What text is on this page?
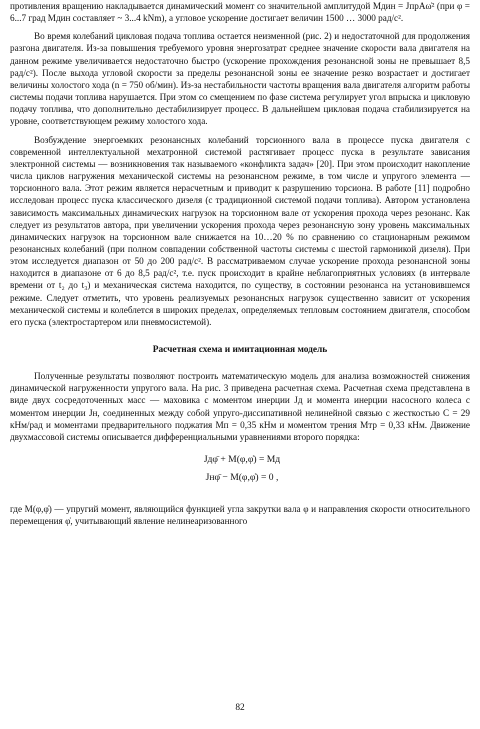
противления вращению накладывается динамический момент со значительной амплитудой Mдин = JпрAω̇² (при φ = 6...7 град Mдин составляет ~ 3...4 kNm), а угловое ускорение достигает величин 1500 … 3000 рад/с².

Во время колебаний цикловая подача топлива остается неизменной (рис. 2) и недостаточной для продолжения разгона двигателя. Из-за повышения требуемого уровня энергозатрат среднее значение скорости вала двигателя на данном режиме увеличивается недостаточно быстро (ускорение прохождения резонансной зоны не превышает 8,5 рад/с²). После выхода угловой скорости за пределы резонансной зоны ее значение резко возрастает и достигает величины холостого хода (n = 750 об/мин). Из-за нестабильности частоты вращения вала двигателя алгоритм работы системы подачи топлива нарушается. При этом со смещением по фазе система регулирует угол впрыска и цикловую подачу топлива, что дополнительно дестабилизирует процесс. В дальнейшем цикловая подача стабилизируется на уровне, соответствующем режиму холостого хода.

Возбуждение энергоемких резонансных колебаний торсионного вала в процессе пуска двигателя с современной интеллектуальной мехатронной системой растягивает процесс пуска в результате зависания электронной системы — возникновения так называемого «конфликта задач» [20]. При этом происходит накопление числа циклов нагружения механической системы на резонансном режиме, в том числе и упругого элемента — торсионного вала. Этот режим является нерасчетным и приводит к разрушению торсиона. В работе [11] подробно исследован процесс пуска классического дизеля (с традиционной системой подачи топлива). Автором установлена зависимость максимальных динамических нагрузок на торсионном вале от ускорения прохода через резонанс. Как следует из результатов автора, при увеличении ускорения прохода через резонансную зону уровень максимальных динамических нагрузок на торсионном вале снижается на 10…20 % по сравнению со стационарным режимом резонансных колебаний (при полном совпадении собственной частоты системы с шестой гармоникой дизеля). При этом исследуется диапазон от 50 до 200 рад/с². В рассматриваемом случае ускорение прохода резонансной зоны находится в диапазоне от 6 до 8,5 рад/с², т.е. пуск происходит в крайне неблагоприятных условиях (в интервале времени от t₂ до t₃) и механическая система находится, по существу, в состоянии резонанса на установившемся режиме. Следует отметить, что уровень реализуемых резонансных нагрузок существенно зависит от ускорения механической системы и колеблется в широких пределах, определяемых тепловым состоянием двигателя, способом его пуска (электростартером или пневмосистемой).

Расчетная схема и имитационная модель

Полученные результаты позволяют построить математическую модель для анализа возможностей снижения динамической нагруженности упругого вала. На рис. 3 приведена расчетная схема. Расчетная схема представлена в виде двух сосредоточенных масс — маховика с моментом инерции Jд и момента инерции насосного колеса с моментом инерции Jн, соединенных между собой упруго-диссипативной нелинейной связью с жесткостью C = 29 кНм/рад и моментами предварительного поджатия Mп = 0,35 кНм и моментом трения Mтр = 0,33 кНм. Движение двухмассовой системы описывается дифференциальными уравнениями второго порядка:

Jдφ̈ + M(φ,φ̇) = Mд
Jнφ̈ − M(φ,φ̇) = 0 ,

где M(φ,φ̇) — упругий момент, являющийся функцией угла закрутки вала φ и направления скорости относительного перемещения φ̇, учитывающий явление нелинеаризованного

82
